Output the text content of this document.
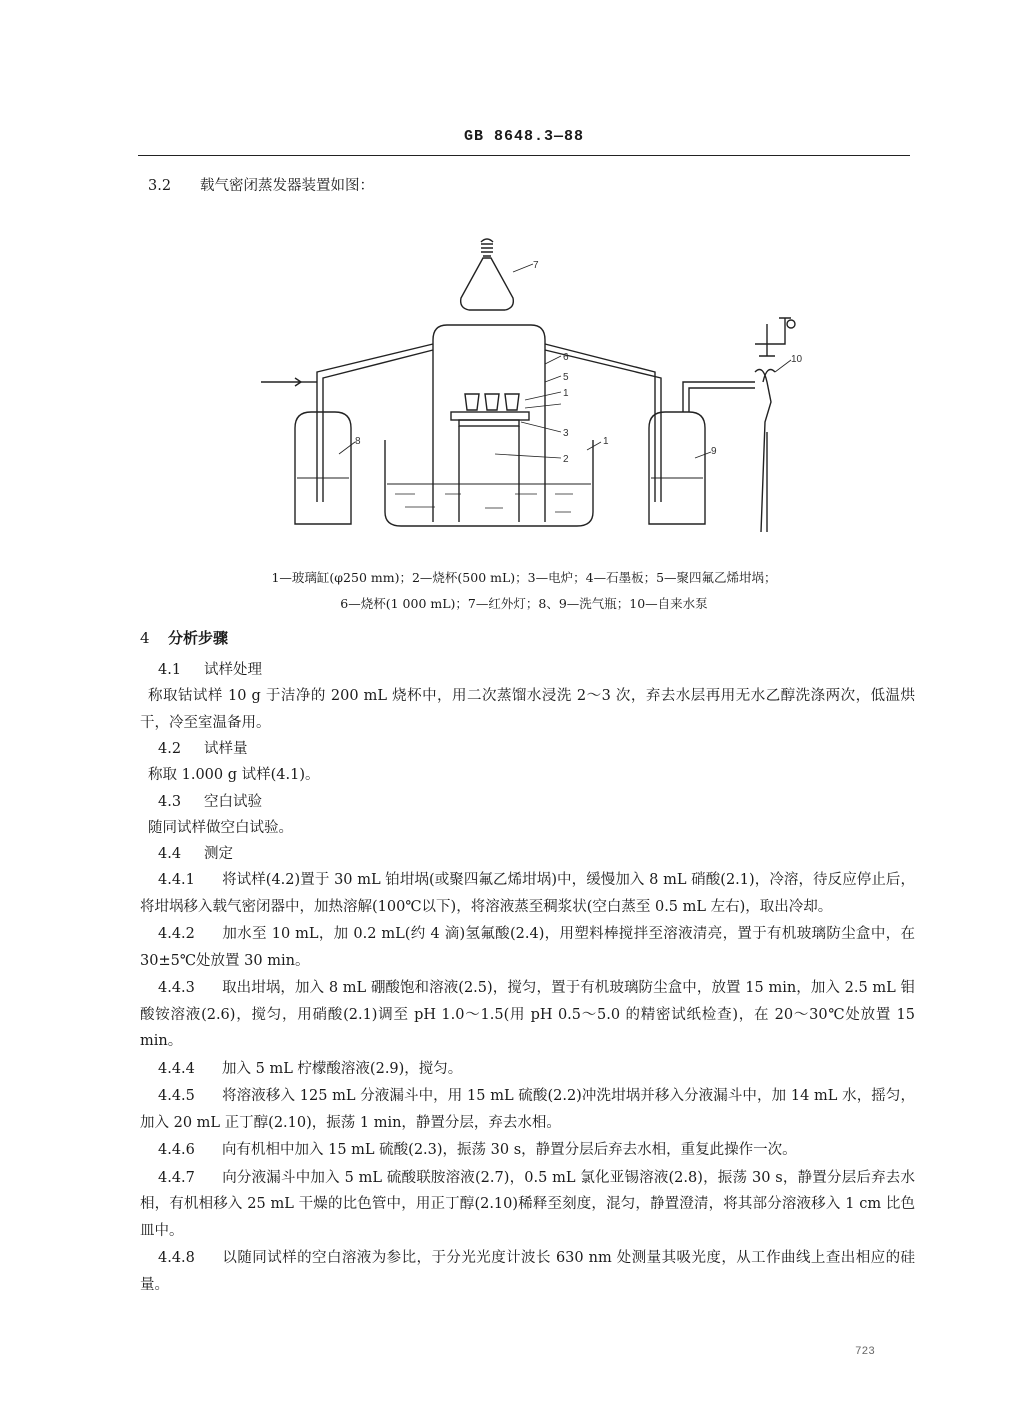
GB 8648.3—88
3.2 载气密闭蒸发器装置如图：
7
6
5
1
3
2
1
8
9
10
1—玻璃缸(φ250 mm)；2—烧杯(500 mL)；3—电炉；4—石墨板；5—聚四氟乙烯坩埚；
6—烧杯(1 000 mL)；7—红外灯；8、9—洗气瓶；10—自来水泵
4 分析步骤
4.1 试样处理

称取钴试样 10 g 于洁净的 200 mL 烧杯中，用二次蒸馏水浸洗 2～3 次，弃去水层再用无水乙醇洗涤两次，低温烘干，冷至室温备用。

4.2 试样量

称取 1.000 g 试样(4.1)。

4.3 空白试验

随同试样做空白试验。

4.4 测定

4.4.1 将试样(4.2)置于 30 mL 铂坩埚(或聚四氟乙烯坩埚)中，缓慢加入 8 mL 硝酸(2.1)，冷溶，待反应停止后，将坩埚移入载气密闭器中，加热溶解(100℃以下)，将溶液蒸至稠浆状(空白蒸至 0.5 mL 左右)，取出冷却。

4.4.2 加水至 10 mL，加 0.2 mL(约 4 滴)氢氟酸(2.4)，用塑料棒搅拌至溶液清亮，置于有机玻璃防尘盒中，在 30±5℃处放置 30 min。

4.4.3 取出坩埚，加入 8 mL 硼酸饱和溶液(2.5)，搅匀，置于有机玻璃防尘盒中，放置 15 min，加入 2.5 mL 钼酸铵溶液(2.6)，搅匀，用硝酸(2.1)调至 pH 1.0～1.5(用 pH 0.5～5.0 的精密试纸检查)，在 20～30℃处放置 15 min。

4.4.4 加入 5 mL 柠檬酸溶液(2.9)，搅匀。

4.4.5 将溶液移入 125 mL 分液漏斗中，用 15 mL 硫酸(2.2)冲洗坩埚并移入分液漏斗中，加 14 mL 水，摇匀，加入 20 mL 正丁醇(2.10)，振荡 1 min，静置分层，弃去水相。

4.4.6 向有机相中加入 15 mL 硫酸(2.3)，振荡 30 s，静置分层后弃去水相，重复此操作一次。

4.4.7 向分液漏斗中加入 5 mL 硫酸联胺溶液(2.7)，0.5 mL 氯化亚锡溶液(2.8)，振荡 30 s，静置分层后弃去水相，有机相移入 25 mL 干燥的比色管中，用正丁醇(2.10)稀释至刻度，混匀，静置澄清，将其部分溶液移入 1 cm 比色皿中。

4.4.8 以随同试样的空白溶液为参比，于分光光度计波长 630 nm 处测量其吸光度，从工作曲线上查出相应的硅量。

723
